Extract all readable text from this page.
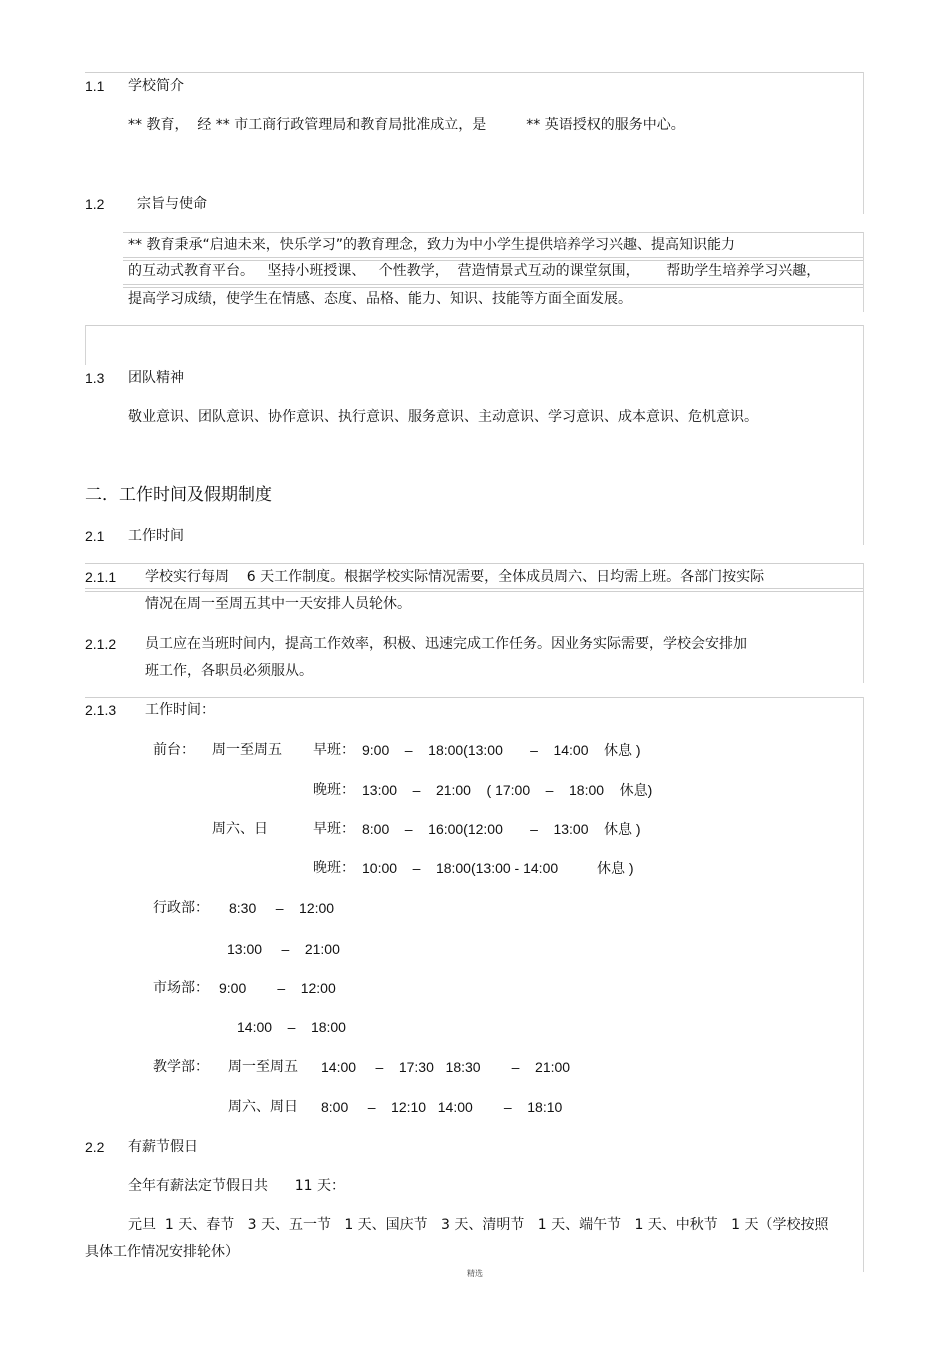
1.1 学校简介
** 教育，  经 ** 市工商行政管理局和教育局批准成立，是         ** 英语授权的服务中心。
1.2 宗旨与使命
** 教育秉承“启迪未来，快乐学习”的教育理念，致力为中小学生提供培养学习兴趣、提高知识能力
的互动式教育平台。   坚持小班授课、   个性教学，  营造情景式互动的课堂氛围，      帮助学生培养学习兴趣，
提高学习成绩，使学生在情感、态度、品格、能力、知识、技能等方面全面发展。
1.3 团队精神
敬业意识、团队意识、协作意识、执行意识、服务意识、主动意识、学习意识、成本意识、危机意识。
二．工作时间及假期制度
2.1 工作时间
2.1.1 学校实行每周    6 天工作制度。根据学校实际情况需要，全体成员周六、日均需上班。各部门按实际
情况在周一至周五其中一天安排人员轮休。
2.1.2 员工应在当班时间内，提高工作效率，积极、迅速完成工作任务。因业务实际需要，学校会安排加
班工作，各职员必须服从。
2.1.3 工作时间：
前台： 周一至周五 早班： 9:00    –    18:00(13:00       –    14:00    休息 )
晚班： 13:00    –    21:00    ( 17:00    –    18:00    休息)
周六、日	早班： 8:00    –    16:00(12:00       –    13:00    休息 )
晚班： 10:00    –    18:00(13:00 - 14:00          休息 )
行政部： 8:30     –    12:00
13:00     –    21:00
市场部： 9:00        –    12:00
14:00    –    18:00
教学部： 周一至周五 14:00     –    17:30   18:30        –    21:00
周六、周日 8:00     –    12:10   14:00        –    18:10
2.2 有薪节假日
全年有薪法定节假日共      11 天：
元旦  1 天、春节   3 天、五一节   1 天、国庆节   3 天、清明节   1 天、端午节   1 天、中秋节   1 天（学校按照
具体工作情况安排轮休）
精选
